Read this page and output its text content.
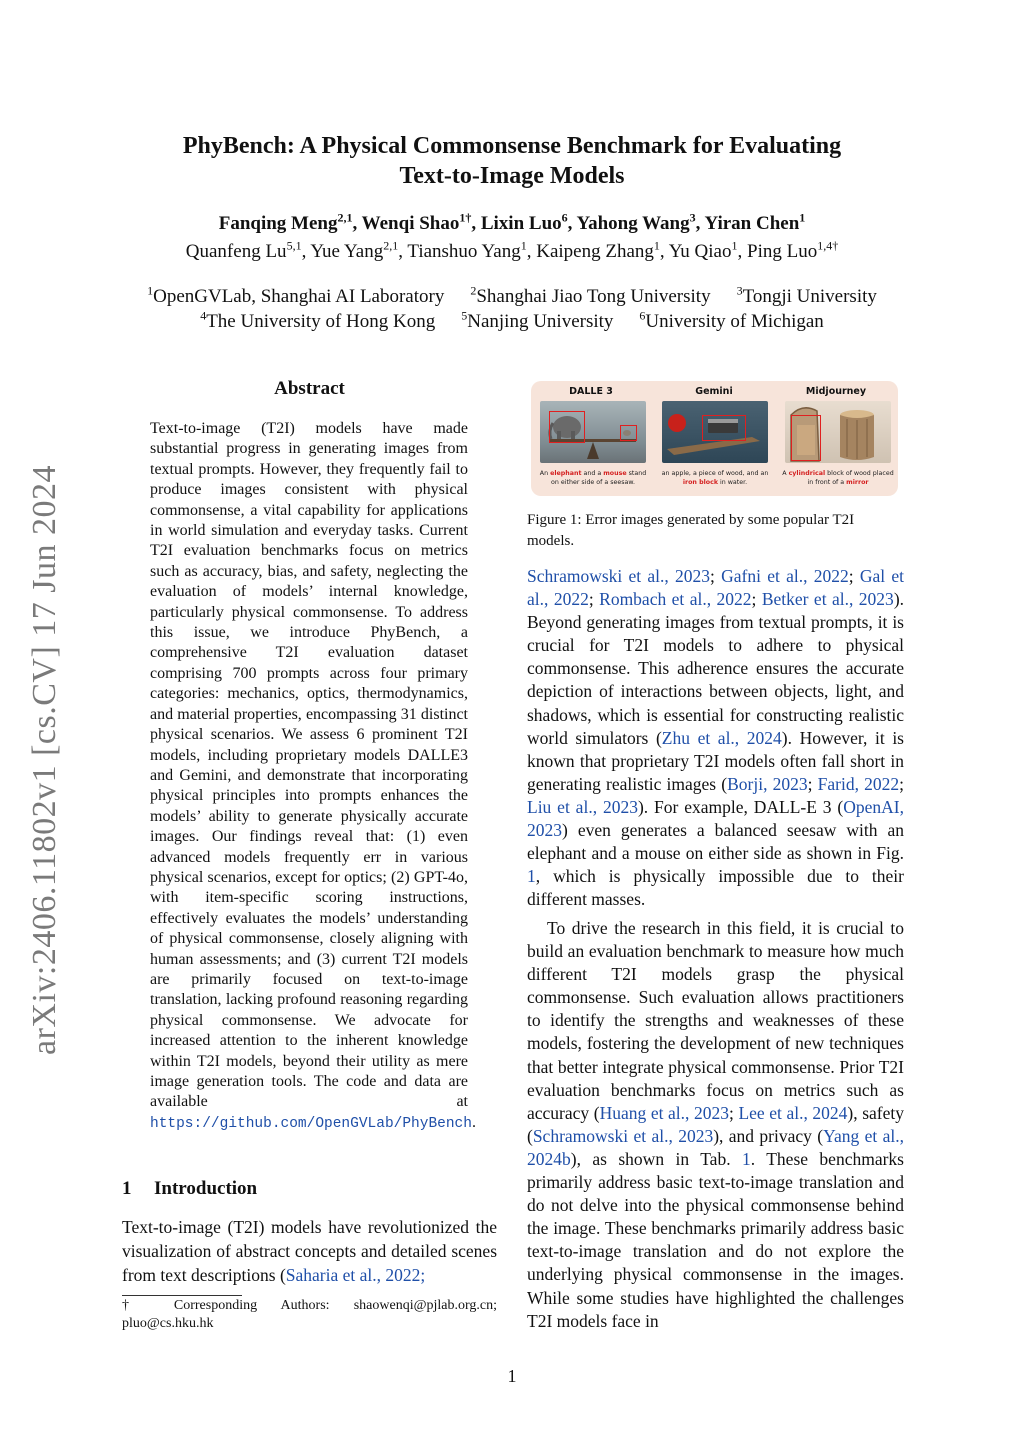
arXiv:2406.11802v1 [cs.CV] 17 Jun 2024
PhyBench: A Physical Commonsense Benchmark for Evaluating
Text-to-Image Models
Fanqing Meng$^{2,1}$, Wenqi Shao$^{1\dagger}$, Lixin Luo$^6$, Yahong Wang$^3$, Yiran Chen$^1$
Quanfeng Lu$^{5,1}$, Yue Yang$^{2,1}$, Tianshuo Yang$^1$, Kaipeng Zhang$^1$, Yu Qiao$^1$, Ping Luo$^{1,4\dagger}$
$^1$OpenGVLab, Shanghai AI Laboratory $^2$Shanghai Jiao Tong University $^3$Tongji University
$^4$The University of Hong Kong $^5$Nanjing University $^6$University of Michigan
Abstract
Text-to-image (T2I) models have made substantial progress in generating images from textual prompts. However, they frequently fail to produce images consistent with physical commonsense, a vital capability for applications in world simulation and everyday tasks. Current T2I evaluation benchmarks focus on metrics such as accuracy, bias, and safety, neglecting the evaluation of models’ internal knowledge, particularly physical commonsense. To address this issue, we introduce PhyBench, a comprehensive T2I evaluation dataset comprising 700 prompts across four primary categories: mechanics, optics, thermodynamics, and material properties, encompassing 31 distinct physical scenarios. We assess 6 prominent T2I models, including proprietary models DALLE3 and Gemini, and demonstrate that incorporating physical principles into prompts enhances the models’ ability to generate physically accurate images. Our findings reveal that: (1) even advanced models frequently err in various physical scenarios, except for optics; (2) GPT-4o, with item-specific scoring instructions, effectively evaluates the models’ understanding of physical commonsense, closely aligning with human assessments; and (3) current T2I models are primarily focused on text-to-image translation, lacking profound reasoning regarding physical commonsense. We advocate for increased attention to the inherent knowledge within T2I models, beyond their utility as mere image generation tools. The code and data are available at https://github.com/OpenGVLab/PhyBench.
1 Introduction
Text-to-image (T2I) models have revolutionized the visualization of abstract concepts and detailed scenes from text descriptions (Saharia et al., 2022;
† Corresponding Authors: shaowenqi@pjlab.org.cn; pluo@cs.hku.hk
DALLE 3
An elephant and a mouse stand on either side of a seesaw.
Gemini
an apple, a piece of wood, and an iron block in water.
Midjourney
A cylindrical block of wood placed in front of a mirror
Figure 1: Error images generated by some popular T2I models.
Schramowski et al., 2023; Gafni et al., 2022; Gal et al., 2022; Rombach et al., 2022; Betker et al., 2023). Beyond generating images from textual prompts, it is crucial for T2I models to adhere to physical commonsense. This adherence ensures the accurate depiction of interactions between objects, light, and shadows, which is essential for constructing realistic world simulators (Zhu et al., 2024). However, it is known that proprietary T2I models often fall short in generating realistic images (Borji, 2023; Farid, 2022; Liu et al., 2023). For example, DALL-E 3 (OpenAI, 2023) even generates a balanced seesaw with an elephant and a mouse on either side as shown in Fig. 1, which is physically impossible due to their different masses.
To drive the research in this field, it is crucial to build an evaluation benchmark to measure how much different T2I models grasp the physical commonsense. Such evaluation allows practitioners to identify the strengths and weaknesses of these models, fostering the development of new techniques that better integrate physical commonsense. Prior T2I evaluation benchmarks focus on metrics such as accuracy (Huang et al., 2023; Lee et al., 2024), safety (Schramowski et al., 2023), and privacy (Yang et al., 2024b), as shown in Tab. 1. These benchmarks primarily address basic text-to-image translation and do not delve into the physical commonsense behind the image. These benchmarks primarily address basic text-to-image translation and do not explore the underlying physical commonsense in the images. While some studies have highlighted the challenges T2I models face in
1
